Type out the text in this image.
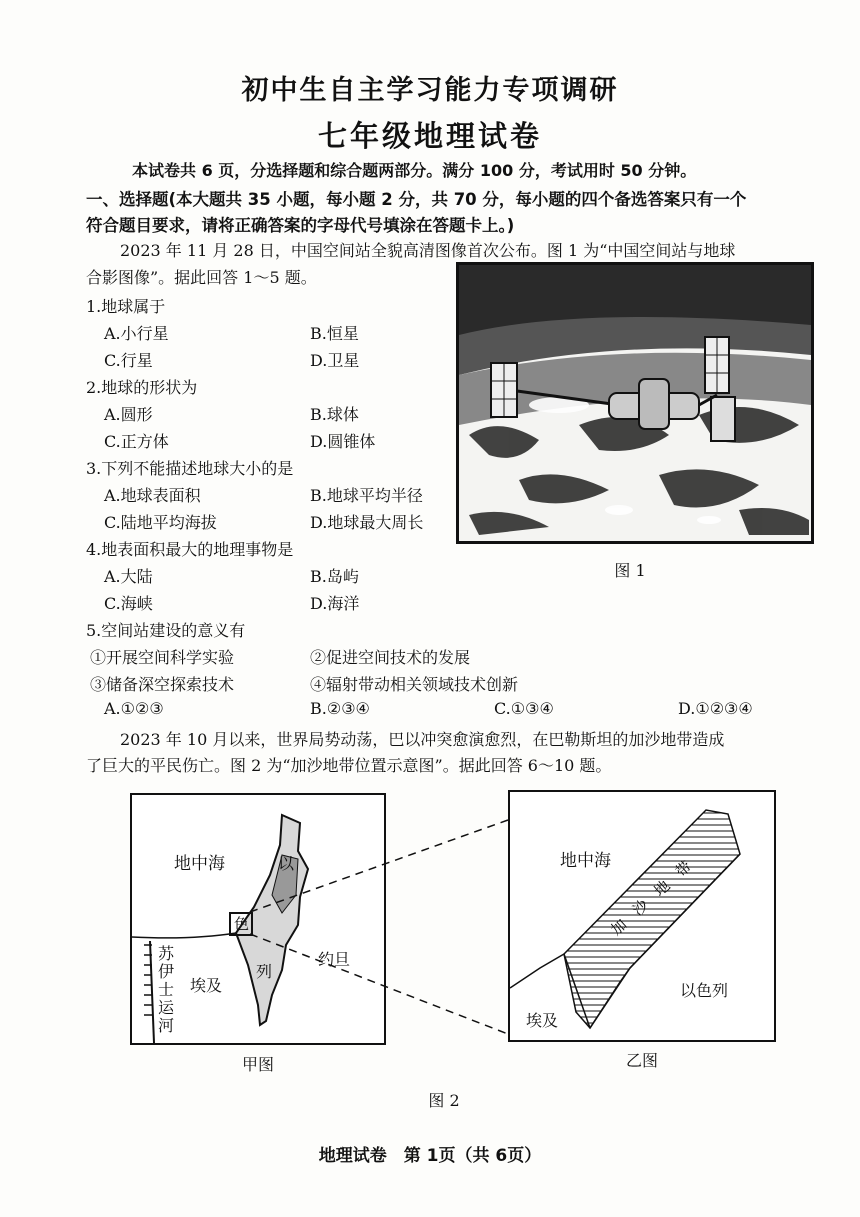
初中生自主学习能力专项调研
七年级地理试卷
本试卷共 6 页，分选择题和综合题两部分。满分 100 分，考试用时 50 分钟。
一、选择题(本大题共 35 小题，每小题 2 分，共 70 分，每小题的四个备选答案只有一个
符合题目要求，请将正确答案的字母代号填涂在答题卡上。)
2023 年 11 月 28 日，中国空间站全貌高清图像首次公布。图 1 为“中国空间站与地球
合影图像”。据此回答 1～5 题。
1.地球属于
A.小行星	B.恒星
C.行星	D.卫星
2.地球的形状为
A.圆形	B.球体
C.正方体	D.圆锥体
3.下列不能描述地球大小的是
A.地球表面积	B.地球平均半径
C.陆地平均海拔	D.地球最大周长
4.地表面积最大的地理事物是
A.大陆	B.岛屿
C.海峡	D.海洋
5.空间站建设的意义有
①开展空间科学实验	②促进空间技术的发展
③储备深空探索技术	④辐射带动相关领域技术创新
A.①②③	B.②③④	C.①③④	D.①②③④
图 1
2023 年 10 月以来，世界局势动荡，巴以冲突愈演愈烈，在巴勒斯坦的加沙地带造成
了巨大的平民伤亡。图 2 为“加沙地带位置示意图”。据此回答 6～10 题。
地中海	以
色
列
约旦
埃及
苏伊士运河
甲图
地中海
加沙地带
以色列
埃及
乙图
图 2
地理试卷　第 1页（共 6页）
